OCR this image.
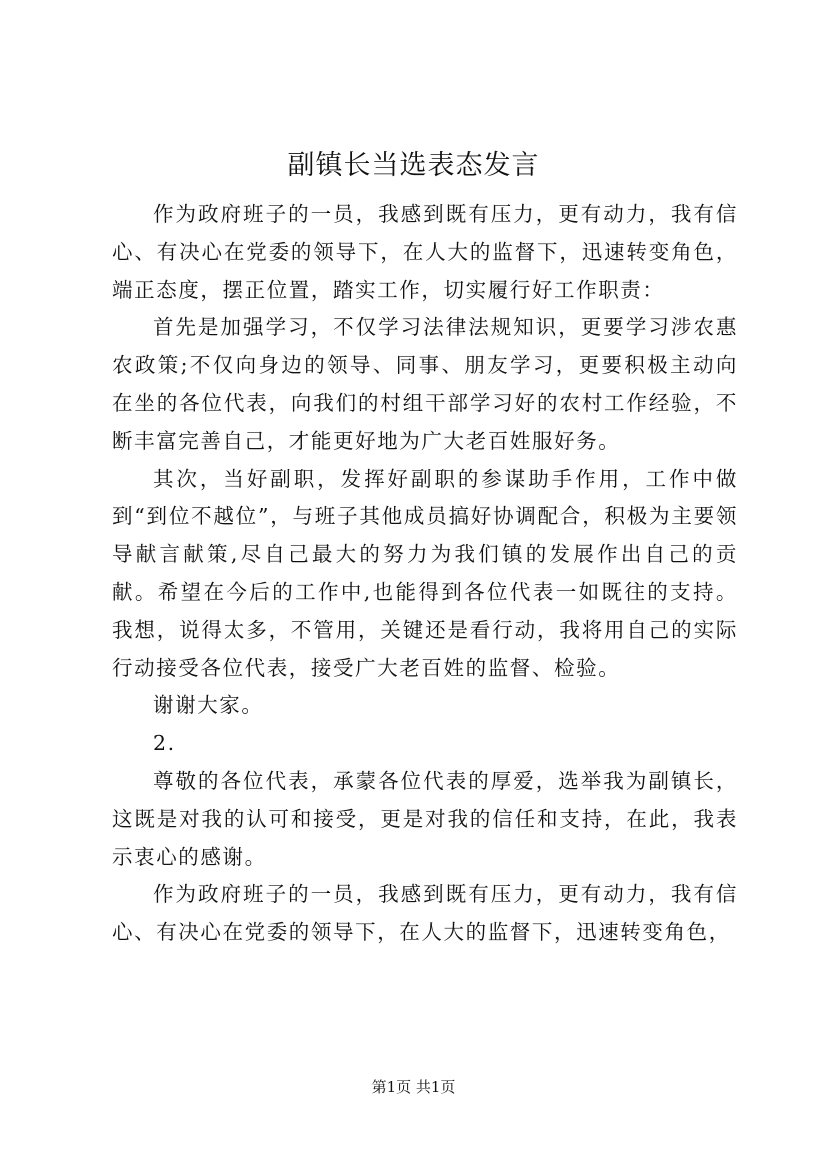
副镇长当选表态发言

作为政府班子的一员，我感到既有压力，更有动力，我有信心、有决心在党委的领导下，在人大的监督下，迅速转变角色，端正态度，摆正位置，踏实工作，切实履行好工作职责：

首先是加强学习，不仅学习法律法规知识，更要学习涉农惠农政策;不仅向身边的领导、同事、朋友学习，更要积极主动向在坐的各位代表，向我们的村组干部学习好的农村工作经验，不断丰富完善自己，才能更好地为广大老百姓服好务。

其次，当好副职，发挥好副职的参谋助手作用，工作中做到“到位不越位”，与班子其他成员搞好协调配合，积极为主要领导献言献策,尽自己最大的努力为我们镇的发展作出自己的贡献。希望在今后的工作中,也能得到各位代表一如既往的支持。我想，说得太多，不管用，关键还是看行动，我将用自己的实际行动接受各位代表，接受广大老百姓的监督、检验。

谢谢大家。

2.

尊敬的各位代表，承蒙各位代表的厚爱，选举我为副镇长，这既是对我的认可和接受，更是对我的信任和支持，在此，我表示衷心的感谢。

作为政府班子的一员，我感到既有压力，更有动力，我有信心、有决心在党委的领导下，在人大的监督下，迅速转变角色，

第1页 共1页
